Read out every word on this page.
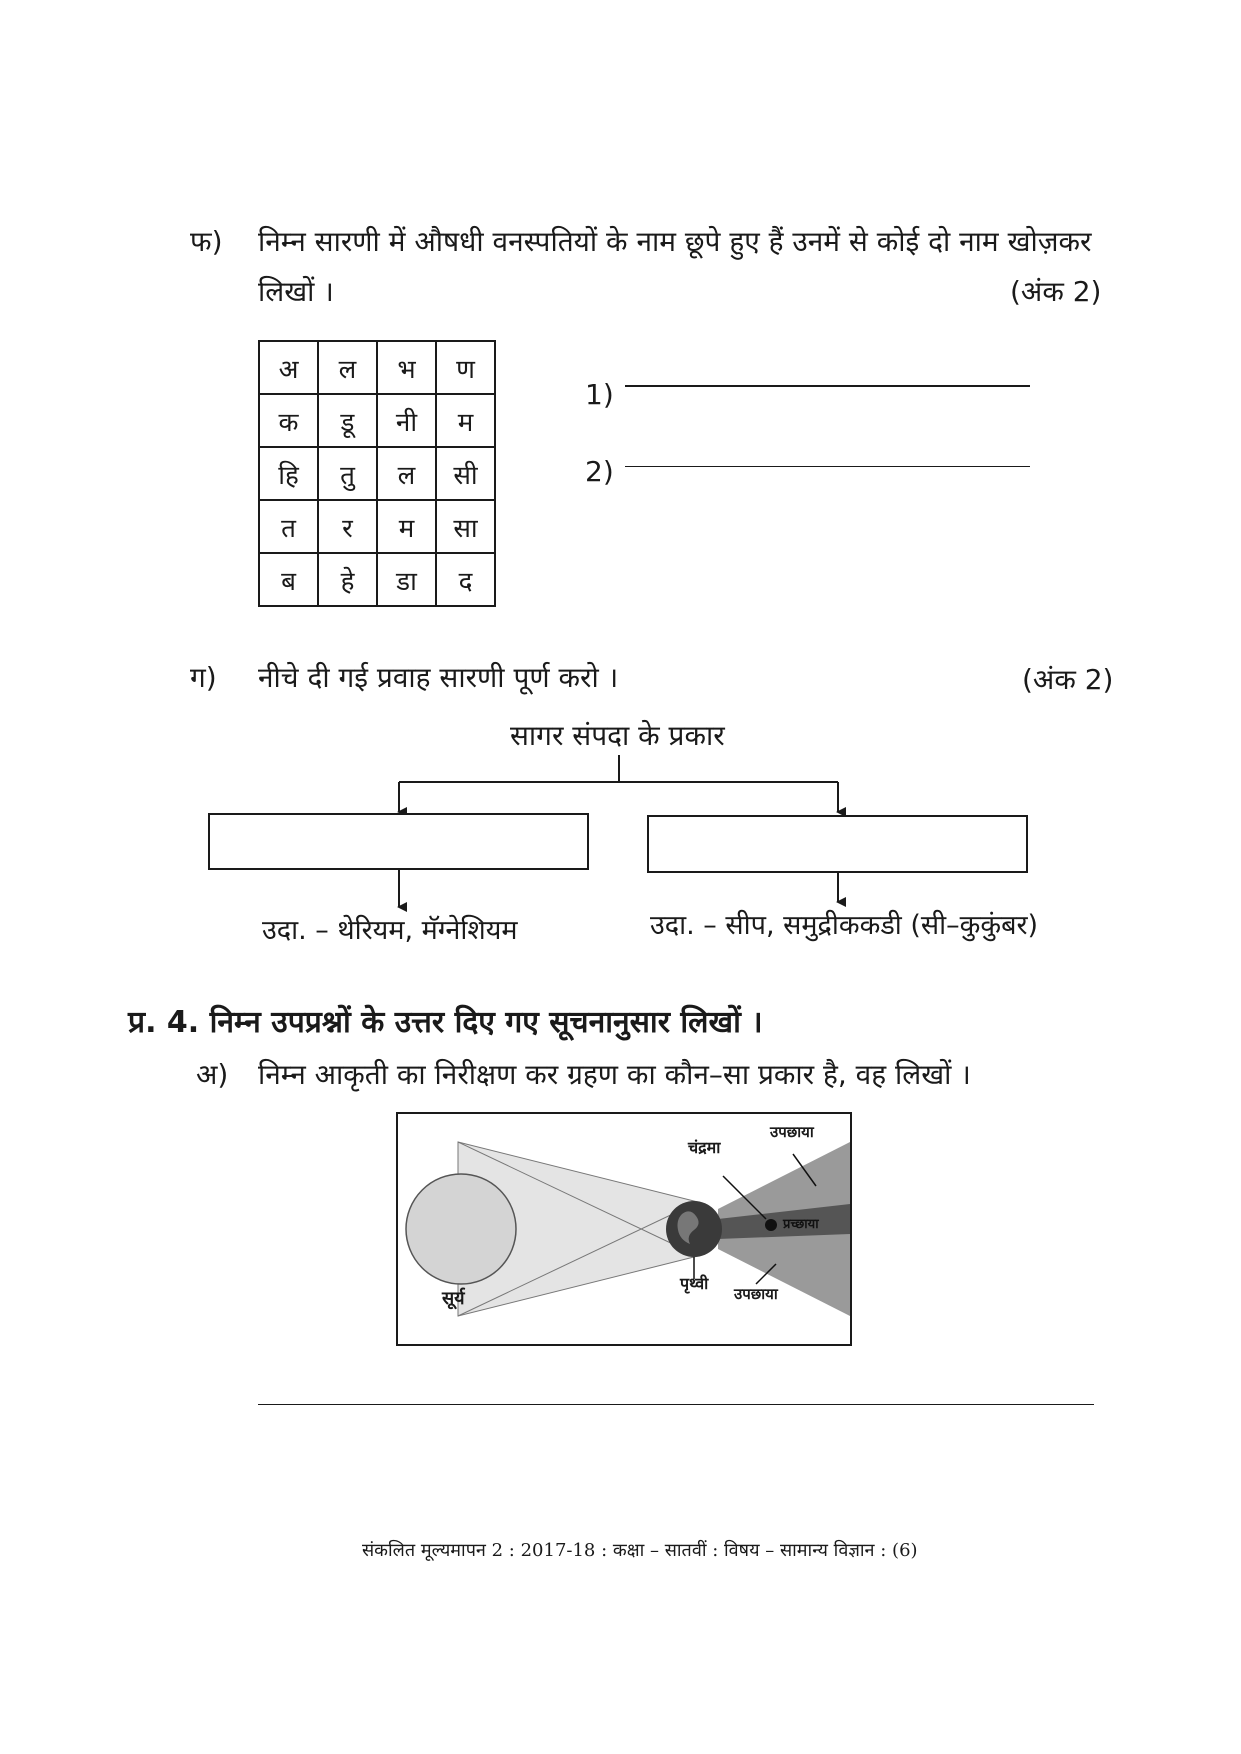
फ) निम्न सारणी में औषधी वनस्पतियों के नाम छूपे हुए हैं उनमें से कोई दो नाम खोज़कर
लिखों ।	(अंक 2)
अ	ल	भ	ण
क	डू	नी	म
हि	तु	ल	सी
त	र	म	सा
ब	हे	डा	द
1)
2)
ग) नीचे दी गई प्रवाह सारणी पूर्ण करो ।	(अंक 2)
सागर संपदा के प्रकार
उदा. – थेरियम, मॅग्नेशियम	उदा. – सीप, समुद्रीककडी (सी–कुकुंबर)
प्र. 4. निम्न उपप्रश्नों के उत्तर दिए गए सूचनानुसार लिखों ।
अ) निम्न आकृती का निरीक्षण कर ग्रहण का कौन–सा प्रकार है, वह लिखों ।
सूर्य
चंद्रमा
उपछाया
प्रच्छाया
पृथ्वी
उपछाया
संकलित मूल्यमापन 2 : 2017-18 : कक्षा – सातवीं : विषय – सामान्य विज्ञान : (6)
